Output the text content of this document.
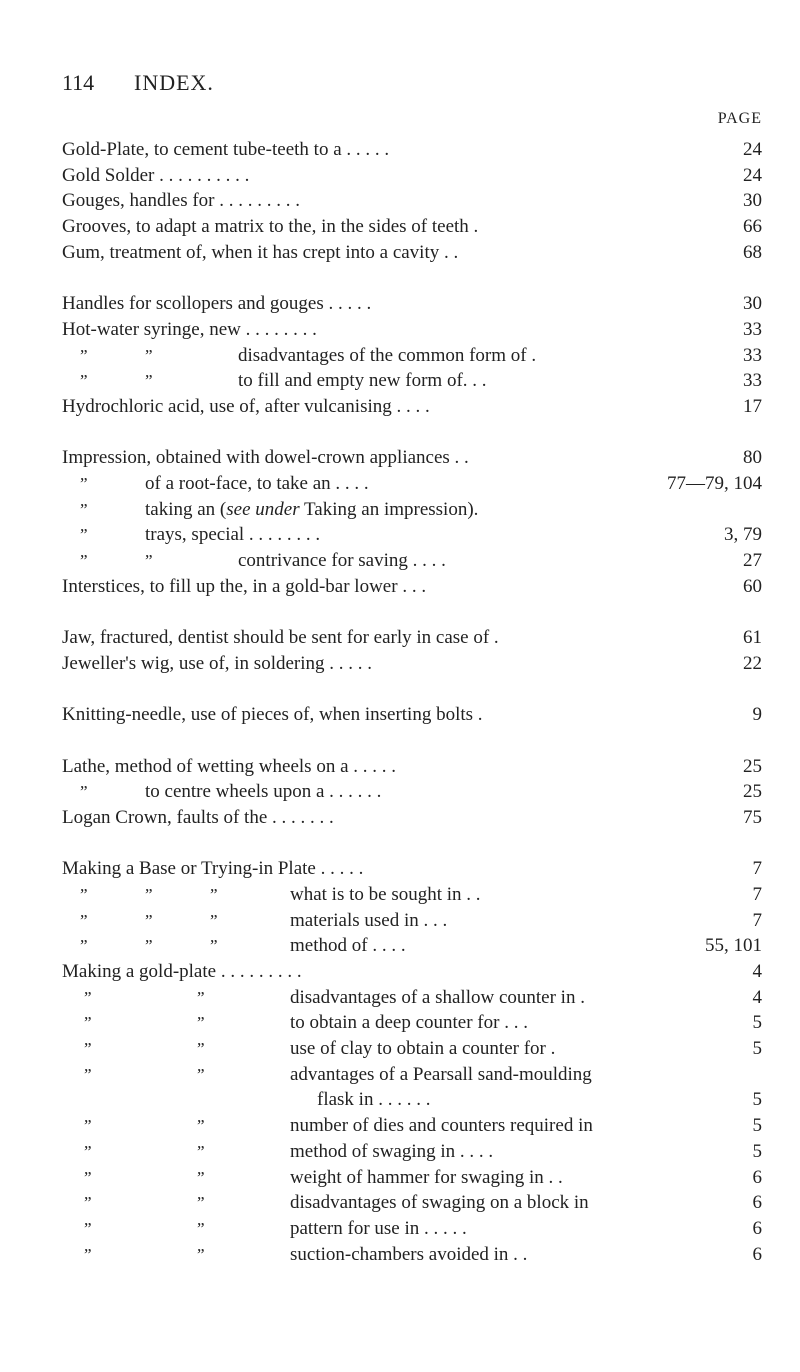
114 INDEX.
PAGE
Gold-Plate, to cement tube-teeth to a . . . . .	24
Gold Solder . . . . . . . . . .	24
Gouges, handles for . . . . . . . . .	30
Grooves, to adapt a matrix to the, in the sides of teeth .	66
Gum, treatment of, when it has crept into a cavity . .	68
Handles for scollopers and gouges . . . . .	30
Hot-water syringe, new . . . . . . . .	33
”	”	disadvantages of the common form of .	33
”	”	to fill and empty new form of. . .	33
Hydrochloric acid, use of, after vulcanising . . . .	17
Impression, obtained with dowel-crown appliances . .	80
”	of a root-face, to take an . . . .	77—79, 104
”	taking an (see under Taking an impression).
”	trays, special . . . . . . . .	3, 79
”	”	contrivance for saving . . . .	27
Interstices, to fill up the, in a gold-bar lower . . .	60
Jaw, fractured, dentist should be sent for early in case of .	61
Jeweller's wig, use of, in soldering . . . . .	22
Knitting-needle, use of pieces of, when inserting bolts .	9
Lathe, method of wetting wheels on a . . . . .	25
”	to centre wheels upon a . . . . . .	25
Logan Crown, faults of the . . . . . . .	75
Making a Base or Trying-in Plate . . . . .	7
”	”	”	what is to be sought in . .	7
”	”	”	materials used in . . .	7
”	”	”	method of . . . .	55, 101
Making a gold-plate . . . . . . . . .	4
”	”	disadvantages of a shallow counter in .	4
”	”	to obtain a deep counter for . . .	5
”	”	use of clay to obtain a counter for .	5
”	”	advantages of a Pearsall sand-moulding
flask in . . . . . .	5
”	”	number of dies and counters required in	5
”	”	method of swaging in . . . .	5
”	”	weight of hammer for swaging in . .	6
”	”	disadvantages of swaging on a block in	6
”	”	pattern for use in . . . . .	6
”	”	suction-chambers avoided in . .	6
